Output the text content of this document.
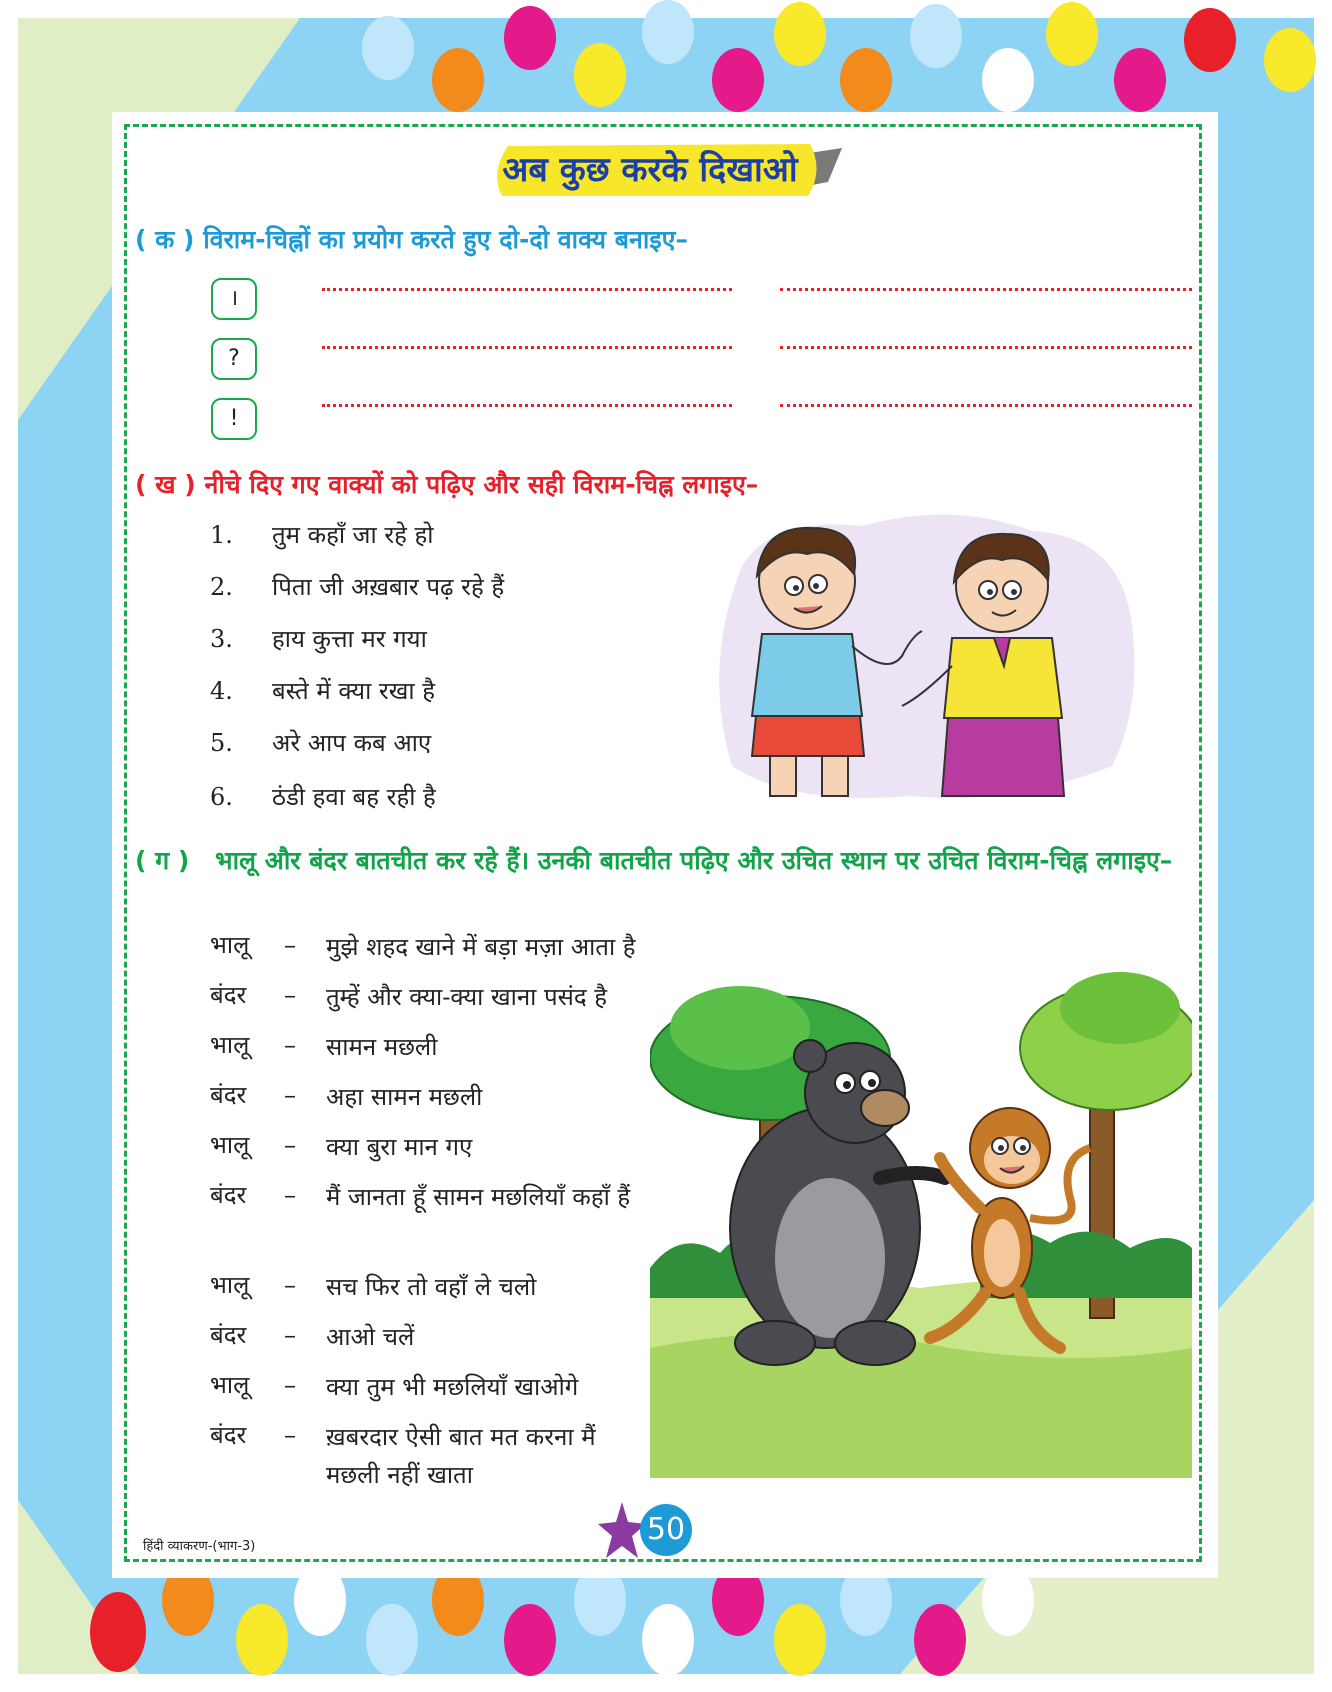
अब कुछ करके दिखाओ
( क ) विराम-चिह्नों का प्रयोग करते हुए दो-दो वाक्य बनाइए–
।
?
!
( ख ) नीचे दिए गए वाक्यों को पढ़िए और सही विराम-चिह्न लगाइए–
1. तुम कहाँ जा रहे हो
2. पिता जी अख़बार पढ़ रहे हैं
3. हाय कुत्ता मर गया
4. बस्ते में क्या रखा है
5. अरे आप कब आए
6. ठंडी हवा बह रही है
( ग )	भालू और बंदर बातचीत कर रहे हैं। उनकी बातचीत पढ़िए और उचित स्थान पर उचित विराम-चिह्न लगाइए–
भालू – मुझे शहद खाने में बड़ा मज़ा आता है
बंदर – तुम्हें और क्या-क्या खाना पसंद है
भालू – सामन मछली
बंदर – अहा सामन मछली
भालू – क्या बुरा मान गए
बंदर – मैं जानता हूँ सामन मछलियाँ कहाँ हैं
भालू – सच फिर तो वहाँ ले चलो
बंदर – आओ चलें
भालू – क्या तुम भी मछलियाँ खाओगे
बंदर – ख़बरदार ऐसी बात मत करना मैं मछली नहीं खाता
हिंदी व्याकरण-(भाग-3)	50
